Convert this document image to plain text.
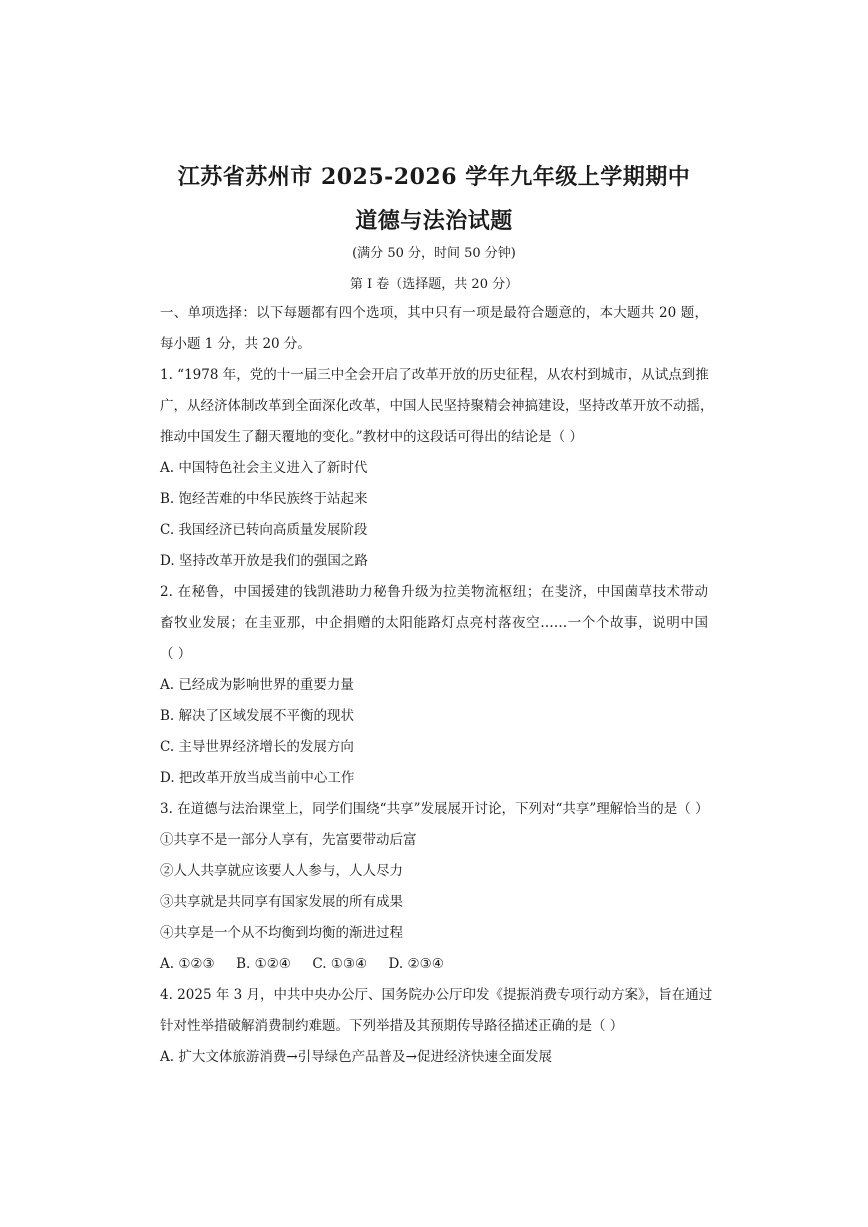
江苏省苏州市 2025-2026 学年九年级上学期期中
道德与法治试题
(满分 50 分，时间 50 分钟)
第 I 卷（选择题，共 20 分）
一、单项选择：以下每题都有四个选项，其中只有一项是最符合题意的，本大题共 20 题，
每小题 1 分，共 20 分。
1. “1978 年，党的十一届三中全会开启了改革开放的历史征程，从农村到城市，从试点到推
广，从经济体制改革到全面深化改革，中国人民坚持聚精会神搞建设，坚持改革开放不动摇，
推动中国发生了翻天覆地的变化。”教材中的这段话可得出的结论是（ ）
A. 中国特色社会主义进入了新时代
B. 饱经苦难的中华民族终于站起来
C. 我国经济已转向高质量发展阶段
D. 坚持改革开放是我们的强国之路
2. 在秘鲁，中国援建的钱凯港助力秘鲁升级为拉美物流枢纽；在斐济，中国菌草技术带动
畜牧业发展；在圭亚那，中企捐赠的太阳能路灯点亮村落夜空……一个个故事，说明中国
（ ）
A. 已经成为影响世界的重要力量
B. 解决了区域发展不平衡的现状
C. 主导世界经济增长的发展方向
D. 把改革开放当成当前中心工作
3. 在道德与法治课堂上，同学们围绕“共享”发展展开讨论，下列对“共享”理解恰当的是（ ）
①共享不是一部分人享有，先富要带动后富
②人人共享就应该要人人参与，人人尽力
③共享就是共同享有国家发展的所有成果
④共享是一个从不均衡到均衡的渐进过程
A. ①②③     B. ①②④     C. ①③④     D. ②③④
4. 2025 年 3 月，中共中央办公厅、国务院办公厅印发《提振消费专项行动方案》，旨在通过
针对性举措破解消费制约难题。下列举措及其预期传导路径描述正确的是（ ）
A. 扩大文体旅游消费→引导绿色产品普及→促进经济快速全面发展
